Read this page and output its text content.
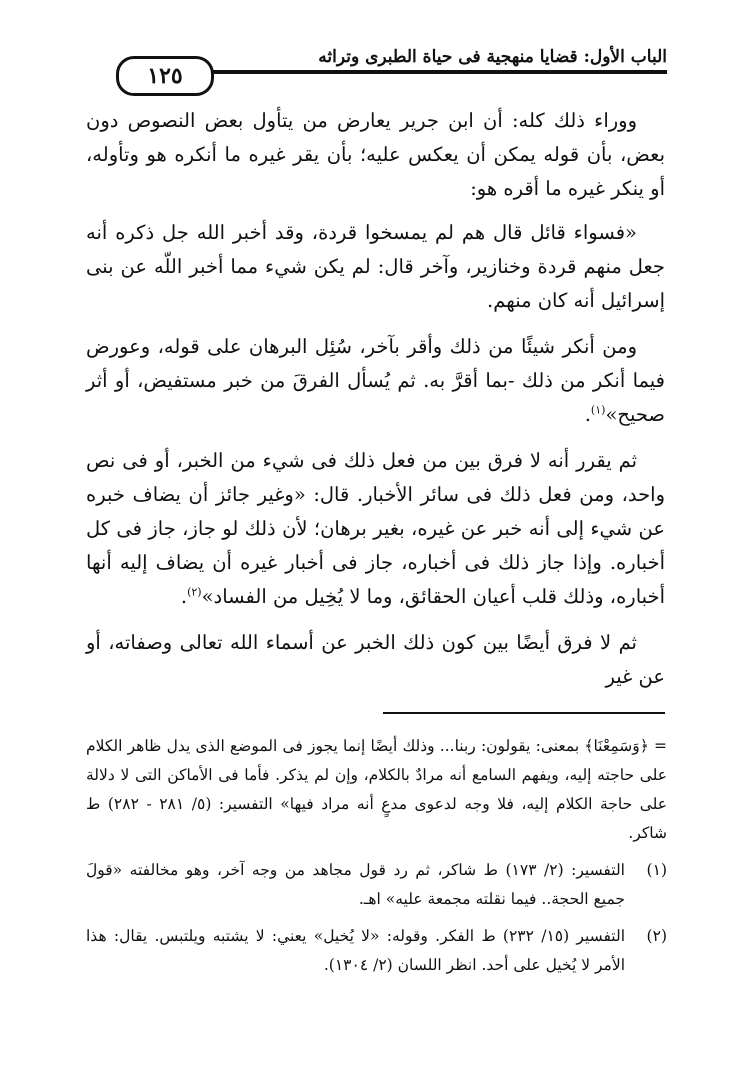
الباب الأول: قضايا منهجية فى حياة الطبرى وتراثه
١٢٥

ووراء ذلك كله: أن ابن جرير يعارض من يتأول بعض النصوص دون بعض، بأن قوله يمكن أن يعكس عليه؛ بأن يقر غيره ما أنكره هو وتأوله، أو ينكر غيره ما أقره هو:

«فسواء قائل قال هم لم يمسخوا قردة، وقد أخبر الله جل ذكره أنه جعل منهم قردة وخنازير، وآخر قال: لم يكن شيء مما أخبر اللّه عن بنى إسرائيل أنه كان منهم.

ومن أنكر شيئًا من ذلك وأقر بآخر، سُئِل البرهان على قوله، وعورض فيما أنكر من ذلك -بما أقرَّ به. ثم يُسأل الفرقَ من خبر مستفيض، أو أثر صحيح»$^{(١)}$.

ثم يقرر أنه لا فرق بين من فعل ذلك فى شيء من الخبر، أو فى نص واحد، ومن فعل ذلك فى سائر الأخبار. قال: «وغير جائز أن يضاف خبره عن شيء إلى أنه خبر عن غيره، بغير برهان؛ لأن ذلك لو جاز، جاز فى كل أخباره. وإذا جاز ذلك فى أخباره، جاز فى أخبار غيره أن يضاف إليه أنها أخباره، وذلك قلب أعيان الحقائق، وما لا يُخِيل من الفساد»$^{(٢)}$.

ثم لا فرق أيضًا بين كون ذلك الخبر عن أسماء الله تعالى وصفاته، أو عن غير

= ﴿وَسَمِعْنَا﴾ بمعنى: يقولون: ربنا... وذلك أيضًا إنما يجوز فى الموضع الذى يدل ظاهر الكلام على حاجته إليه، ويفهم السامع أنه مرادٌ بالكلام، وإن لم يذكر. فأما فى الأماكن التى لا دلالة على حاجة الكلام إليه، فلا وجه لدعوى مدعٍ أنه مراد فيها» التفسير: (٥/ ٢٨١ - ٢٨٢) ط شاكر.
(١)
التفسير: (٢/ ١٧٣) ط شاكر، ثم رد قول مجاهد من وجه آخر، وهو مخالفته «قولَ جميع الحجة.. فيما نقلته مجمعة عليه» اهـ.
(٢)
التفسير (١٥/ ٢٣٢) ط الفكر. وقوله: «لا يُخيل» يعني: لا يشتبه ويلتبس. يقال: هذا الأمر لا يُخيل على أحد. انظر اللسان (٢/ ١٣٠٤).
